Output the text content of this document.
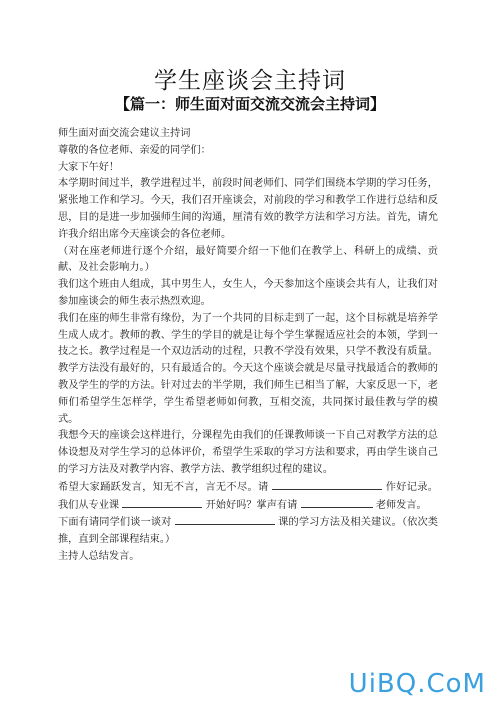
学生座谈会主持词
【篇一：师生面对面交流交流会主持词】

师生面对面交流会建议主持词

尊敬的各位老师、亲爱的同学们：

大家下午好！

本学期时间过半，教学进程过半，前段时间老师们、同学们围绕本学期的学习任务，紧张地工作和学习。今天，我们召开座谈会，对前段的学习和教学工作进行总结和反思，目的是进一步加强师生间的沟通，厘清有效的教学方法和学习方法。首先，请允许我介绍出席今天座谈会的各位老师。

（对在座老师进行逐个介绍，最好简要介绍一下他们在教学上、科研上的成绩、贡献、及社会影响力。）

我们这个班由人组成，其中男生人，女生人，今天参加这个座谈会共有人，让我们对参加座谈会的师生表示热烈欢迎。

我们在座的师生非常有缘份，为了一个共同的目标走到了一起，这个目标就是培养学生成人成才。教师的教、学生的学目的就是让每个学生掌握适应社会的本领，学到一技之长。教学过程是一个双边活动的过程，只教不学没有效果，只学不教没有质量。教学方法没有最好的，只有最适合的。今天这个座谈会就是尽量寻找最适合的教师的教及学生的学的方法。针对过去的半学期，我们师生已相当了解，大家反思一下，老师们希望学生怎样学，学生希望老师如何教，互相交流，共同探讨最佳教与学的模式。

我想今天的座谈会这样进行，分课程先由我们的任课教师谈一下自己对教学方法的总体设想及对学生学习的总体评价，希望学生采取的学习方法和要求，再由学生谈自己的学习方法及对教学内容、教学方法、教学组织过程的建议。

希望大家踊跃发言，知无不言，言无不尽。请	作好记录。我们从专业课	开始好吗？掌声有请	老师发言。

下面有请同学们谈一谈对	课的学习方法及相关建议。（依次类推，直到全部课程结束。）

主持人总结发言。

UiBQ.CoM
